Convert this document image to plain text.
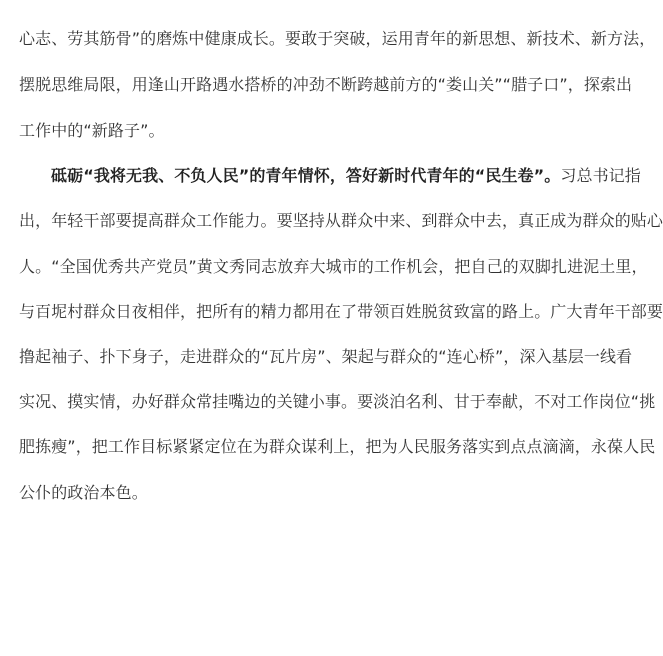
心志、劳其筋骨”的磨炼中健康成长。要敢于突破，运用青年的新思想、新技术、新方法，
摆脱思维局限，用逢山开路遇水搭桥的冲劲不断跨越前方的“娄山关”“腊子口”，探索出
工作中的“新路子”。
砥砺“我将无我、不负人民”的青年情怀，答好新时代青年的“民生卷”。习总书记指
出，年轻干部要提高群众工作能力。要坚持从群众中来、到群众中去，真正成为群众的贴心
人。“全国优秀共产党员”黄文秀同志放弃大城市的工作机会，把自己的双脚扎进泥土里，
与百坭村群众日夜相伴，把所有的精力都用在了带领百姓脱贫致富的路上。广大青年干部要
撸起袖子、扑下身子，走进群众的“瓦片房”、架起与群众的“连心桥”，深入基层一线看
实况、摸实情，办好群众常挂嘴边的关键小事。要淡泊名利、甘于奉献，不对工作岗位“挑
肥拣瘦”，把工作目标紧紧定位在为群众谋利上，把为人民服务落实到点点滴滴，永葆人民
公仆的政治本色。
